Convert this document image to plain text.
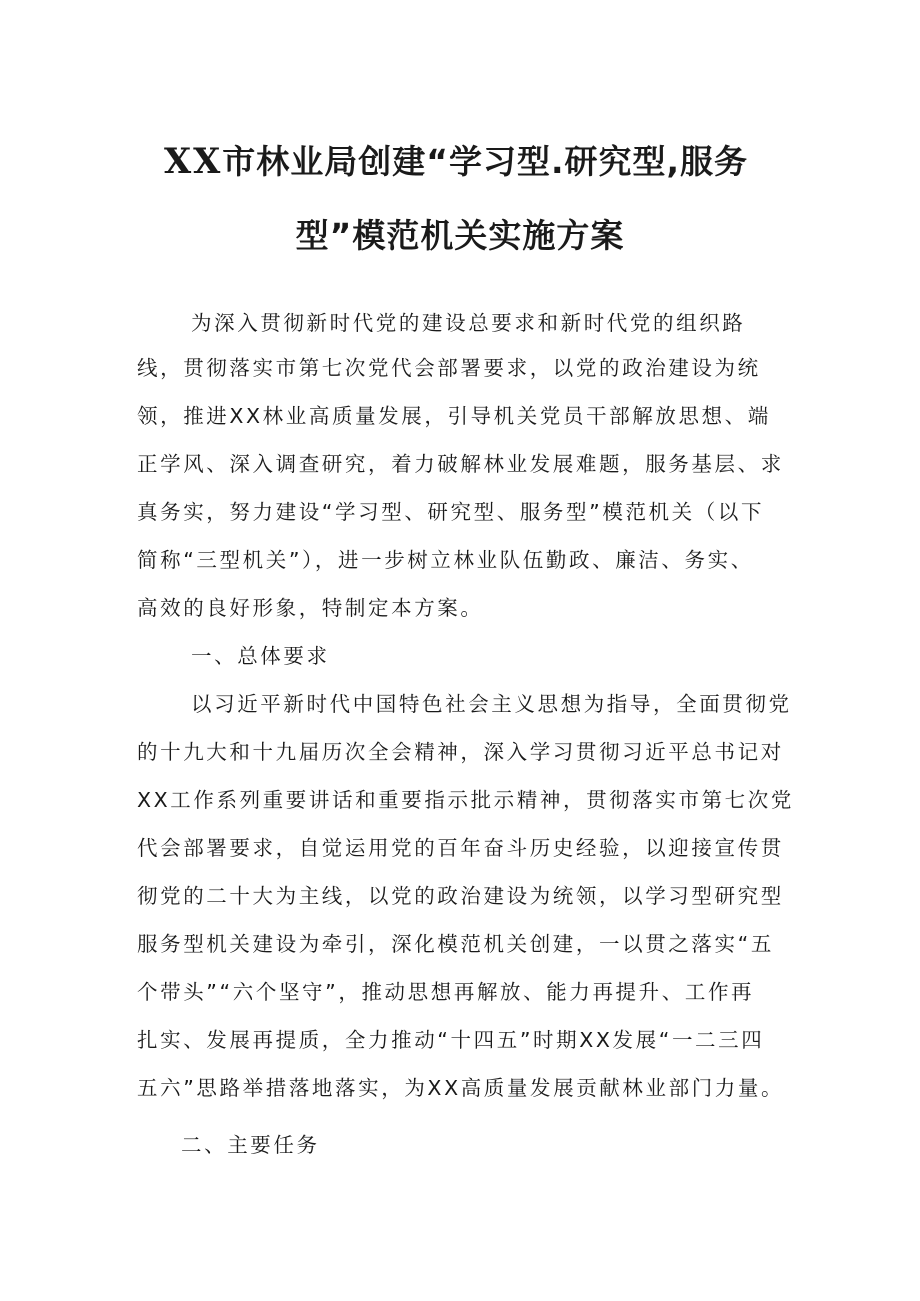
XX市林业局创建“学习型.研究型,服务
型”模范机关实施方案
为深入贯彻新时代党的建设总要求和新时代党的组织路
线，贯彻落实市第七次党代会部署要求，以党的政治建设为统
领，推进XX林业高质量发展，引导机关党员干部解放思想、端
正学风、深入调查研究，着力破解林业发展难题，服务基层、求
真务实，努力建设“学习型、研究型、服务型”模范机关（以下
简称“三型机关”），进一步树立林业队伍勤政、廉洁、务实、
高效的良好形象，特制定本方案。
一、总体要求
以习近平新时代中国特色社会主义思想为指导，全面贯彻党
的十九大和十九届历次全会精神，深入学习贯彻习近平总书记对
XX工作系列重要讲话和重要指示批示精神，贯彻落实市第七次党
代会部署要求，自觉运用党的百年奋斗历史经验，以迎接宣传贯
彻党的二十大为主线，以党的政治建设为统领，以学习型研究型
服务型机关建设为牵引，深化模范机关创建，一以贯之落实“五
个带头”“六个坚守”，推动思想再解放、能力再提升、工作再
扎实、发展再提质，全力推动“十四五”时期XX发展“一二三四
五六”思路举措落地落实，为XX高质量发展贡献林业部门力量。
二、主要任务
